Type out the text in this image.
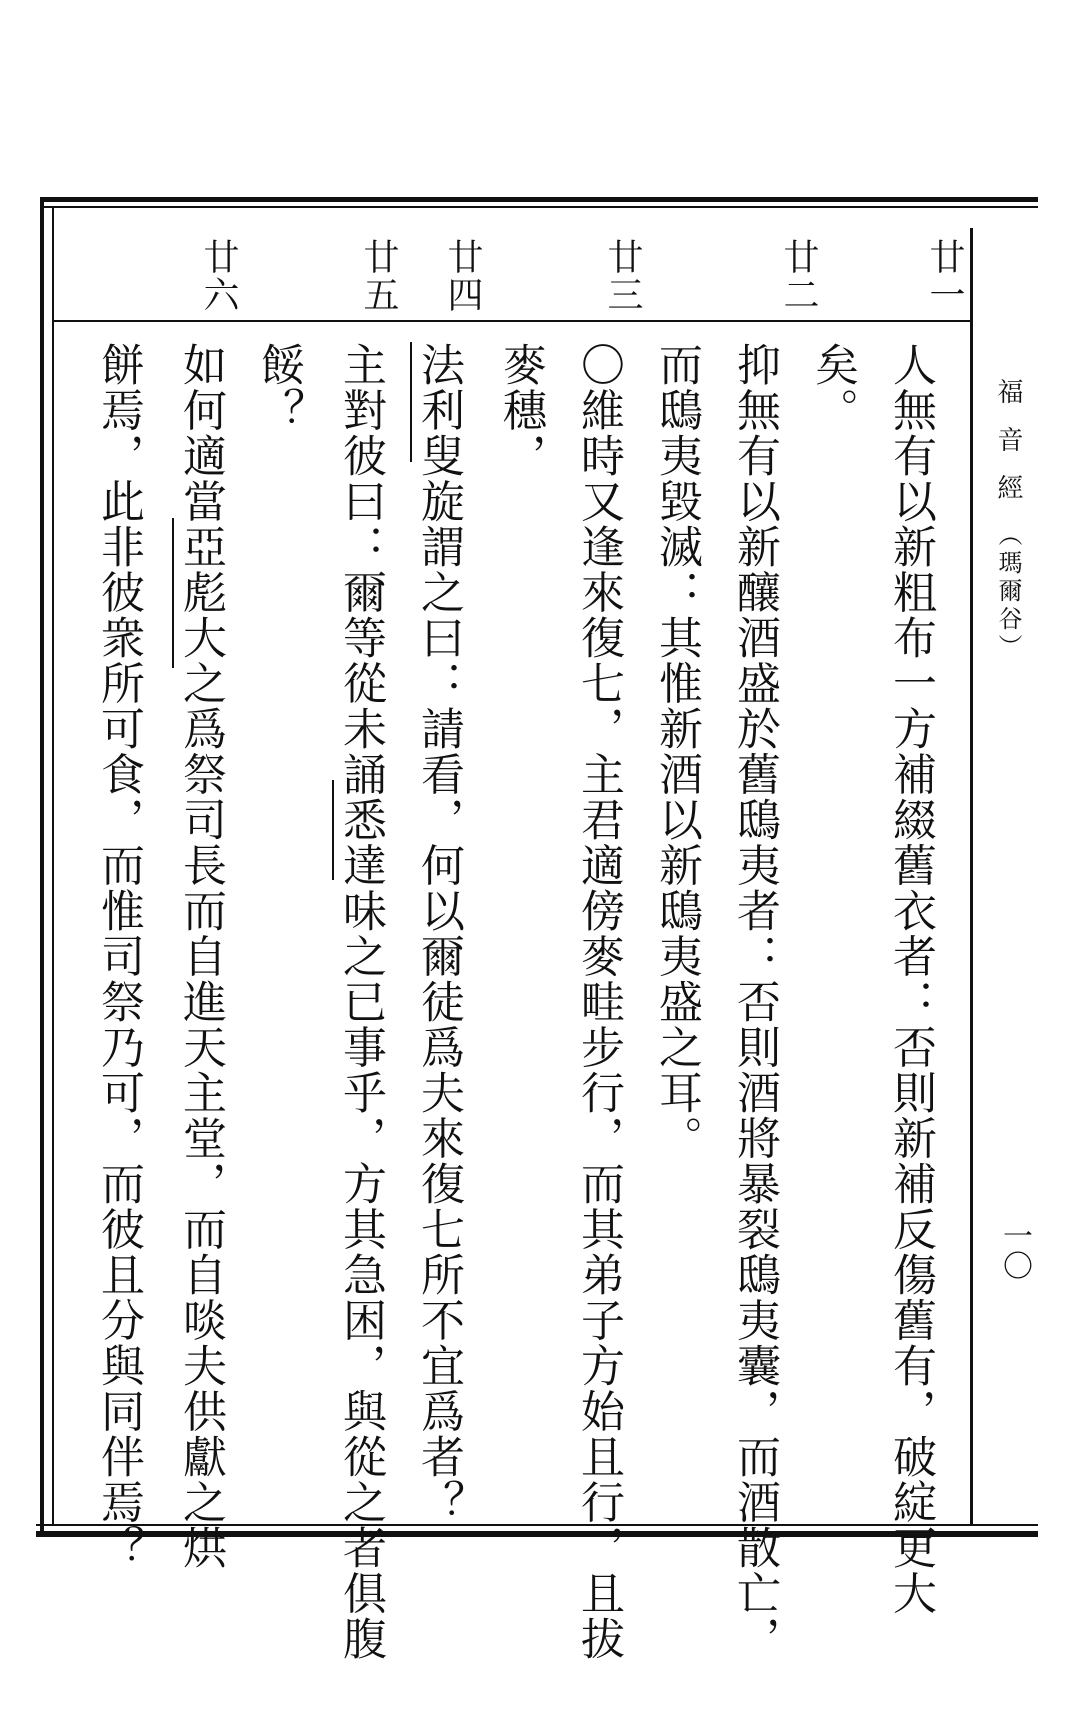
福音經（瑪爾谷）
一〇
廿一
廿二
廿三
廿四
廿五
廿六
人無有以新粗布一方補綴舊衣者：否則新補反傷舊有，破綻更大
矣。
抑無有以新釀酒盛於舊鴟夷者：否則酒將暴裂鴟夷囊，而酒散亡，
而鴟夷毀滅：其惟新酒以新鴟夷盛之耳。
〇維時又逢來復七，主君適傍麥畦步行，而其弟子方始且行，且拔
麥穗，
法利叟旋謂之曰：請看，何以爾徒爲夫來復七所不宜爲者？
主對彼曰：爾等從未誦悉達味之已事乎，方其急困，與從之者俱腹
餒？
如何適當亞彪大之爲祭司長而自進天主堂，而自啖夫供獻之烘
餅焉，此非彼衆所可食，而惟司祭乃可，而彼且分與同伴焉？
